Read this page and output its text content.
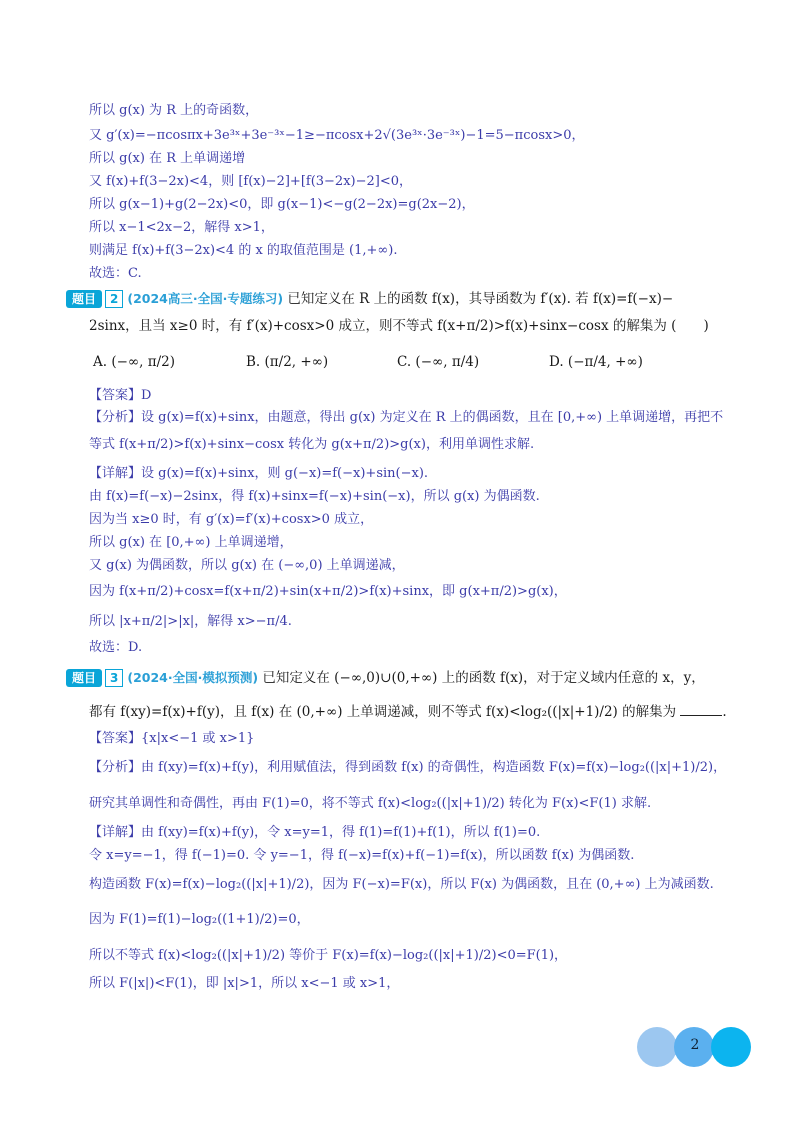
所以 g(x) 为 R 上的奇函数，
又 g′(x)=−πcosπx+3e³ˣ+3e⁻³ˣ−1≥−πcosx+2√(3e³ˣ·3e⁻³ˣ)−1=5−πcosx>0，
所以 g(x) 在 R 上单调递增
又 f(x)+f(3−2x)<4，则 [f(x)−2]+[f(3−2x)−2]<0，
所以 g(x−1)+g(2−2x)<0，即 g(x−1)<−g(2−2x)=g(2x−2)，
所以 x−1<2x−2，解得 x>1，
则满足 f(x)+f(3−2x)<4 的 x 的取值范围是 (1,+∞).
故选：C.
题目 2 (2024高三·全国·专题练习) 已知定义在 R 上的函数 f(x)，其导函数为 f′(x). 若 f(x)=f(−x)−
2sinx，且当 x≥0 时，有 f′(x)+cosx>0 成立，则不等式 f(x+π/2)>f(x)+sinx−cosx 的解集为 (　　)
A. (−∞, π/2)	B. (π/2, +∞)	C. (−∞, π/4)	D. (−π/4, +∞)
【答案】D
【分析】设 g(x)=f(x)+sinx，由题意，得出 g(x) 为定义在 R 上的偶函数，且在 [0,+∞) 上单调递增，再把不
等式 f(x+π/2)>f(x)+sinx−cosx 转化为 g(x+π/2)>g(x)，利用单调性求解.
【详解】设 g(x)=f(x)+sinx，则 g(−x)=f(−x)+sin(−x).
由 f(x)=f(−x)−2sinx，得 f(x)+sinx=f(−x)+sin(−x)，所以 g(x) 为偶函数.
因为当 x≥0 时，有 g′(x)=f′(x)+cosx>0 成立，
所以 g(x) 在 [0,+∞) 上单调递增，
又 g(x) 为偶函数，所以 g(x) 在 (−∞,0) 上单调递减，
因为 f(x+π/2)+cosx=f(x+π/2)+sin(x+π/2)>f(x)+sinx，即 g(x+π/2)>g(x)，
所以 |x+π/2|>|x|，解得 x>−π/4.
故选：D.
题目 3 (2024·全国·模拟预测) 已知定义在 (−∞,0)∪(0,+∞) 上的函数 f(x)，对于定义域内任意的 x，y，
都有 f(xy)=f(x)+f(y)，且 f(x) 在 (0,+∞) 上单调递减，则不等式 f(x)<log₂((|x|+1)/2) 的解集为	.
【答案】{x|x<−1 或 x>1}
【分析】由 f(xy)=f(x)+f(y)，利用赋值法，得到函数 f(x) 的奇偶性，构造函数 F(x)=f(x)−log₂((|x|+1)/2)，
研究其单调性和奇偶性，再由 F(1)=0，将不等式 f(x)<log₂((|x|+1)/2) 转化为 F(x)<F(1) 求解.
【详解】由 f(xy)=f(x)+f(y)，令 x=y=1，得 f(1)=f(1)+f(1)，所以 f(1)=0.
令 x=y=−1，得 f(−1)=0. 令 y=−1，得 f(−x)=f(x)+f(−1)=f(x)，所以函数 f(x) 为偶函数.
构造函数 F(x)=f(x)−log₂((|x|+1)/2)，因为 F(−x)=F(x)，所以 F(x) 为偶函数，且在 (0,+∞) 上为减函数.
因为 F(1)=f(1)−log₂((1+1)/2)=0，
所以不等式 f(x)<log₂((|x|+1)/2) 等价于 F(x)=f(x)−log₂((|x|+1)/2)<0=F(1)，
所以 F(|x|)<F(1)，即 |x|>1，所以 x<−1 或 x>1，
2
